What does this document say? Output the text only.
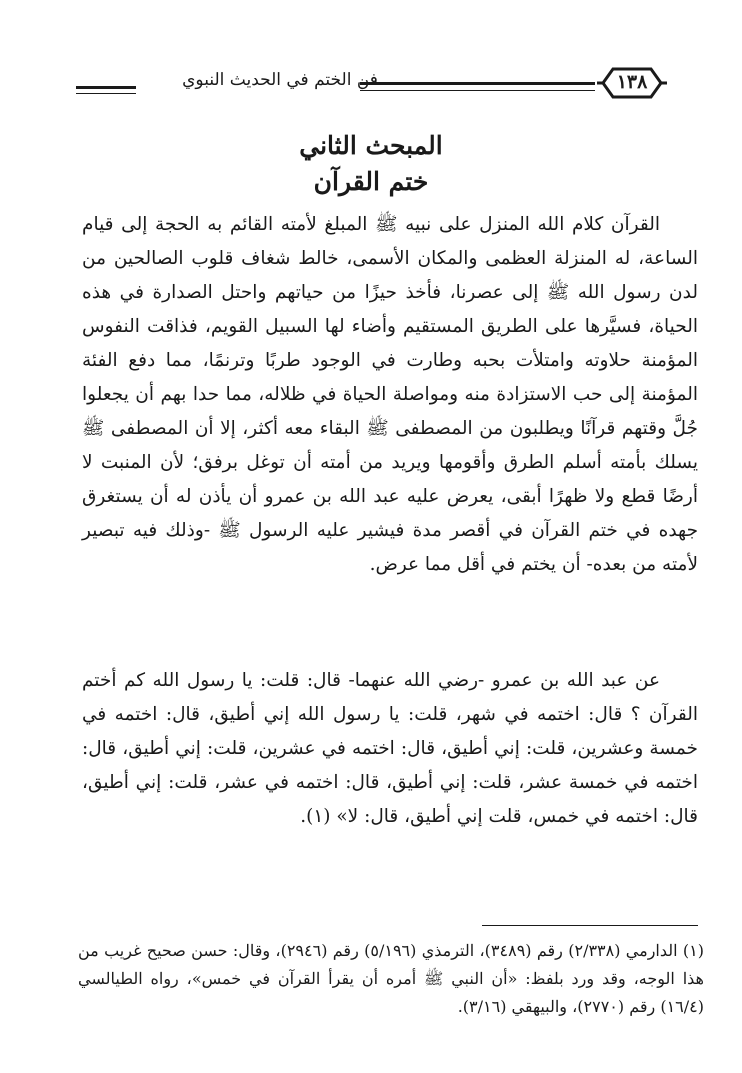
فن الختم في الحديث النبوي	١٣٨
المبحث الثاني
ختم القرآن

القرآن كلام الله المنزل على نبيه ﷺ المبلغ لأمته القائم به الحجة إلى قيام الساعة، له المنزلة العظمى والمكان الأسمى، خالط شغاف قلوب الصالحين من لدن رسول الله ﷺ إلى عصرنا، فأخذ حيزًا من حياتهم واحتل الصدارة في هذه الحياة، فسيَّرها على الطريق المستقيم وأضاء لها السبيل القويم، فذاقت النفوس المؤمنة حلاوته وامتلأت بحبه وطارت في الوجود طربًا وترنمًا، مما دفع الفئة المؤمنة إلى حب الاستزادة منه ومواصلة الحياة في ظلاله، مما حدا بهم أن يجعلوا جُلَّ وقتهم قرآنًا ويطلبون من المصطفى ﷺ البقاء معه أكثر، إلا أن المصطفى ﷺ يسلك بأمته أسلم الطرق وأقومها ويريد من أمته أن توغل برفق؛ لأن المنبت لا أرضًا قطع ولا ظهرًا أبقى، يعرض عليه عبد الله بن عمرو أن يأذن له أن يستغرق جهده في ختم القرآن في أقصر مدة فيشير عليه الرسول ﷺ -وذلك فيه تبصير لأمته من بعده- أن يختم في أقل مما عرض.

عن عبد الله بن عمرو -رضي الله عنهما- قال: قلت: يا رسول الله كم أختم القرآن ؟ قال: اختمه في شهر، قلت: يا رسول الله إني أطيق، قال: اختمه في خمسة وعشرين، قلت: إني أطيق، قال: اختمه في عشرين، قلت: إني أطيق، قال: اختمه في خمسة عشر، قلت: إني أطيق، قال: اختمه في عشر، قلت: إني أطيق، قال: اختمه في خمس، قلت إني أطيق، قال: لا» (١).

(١) الدارمي (٢/٣٣٨) رقم (٣٤٨٩)، الترمذي (٥/١٩٦) رقم (٢٩٤٦)، وقال: حسن صحيح غريب من هذا الوجه، وقد ورد بلفظ: «أن النبي ﷺ أمره أن يقرأ القرآن في خمس»، رواه الطيالسي (١٦/٤) رقم (٢٧٧٠)، والبيهقي (٣/١٦).
